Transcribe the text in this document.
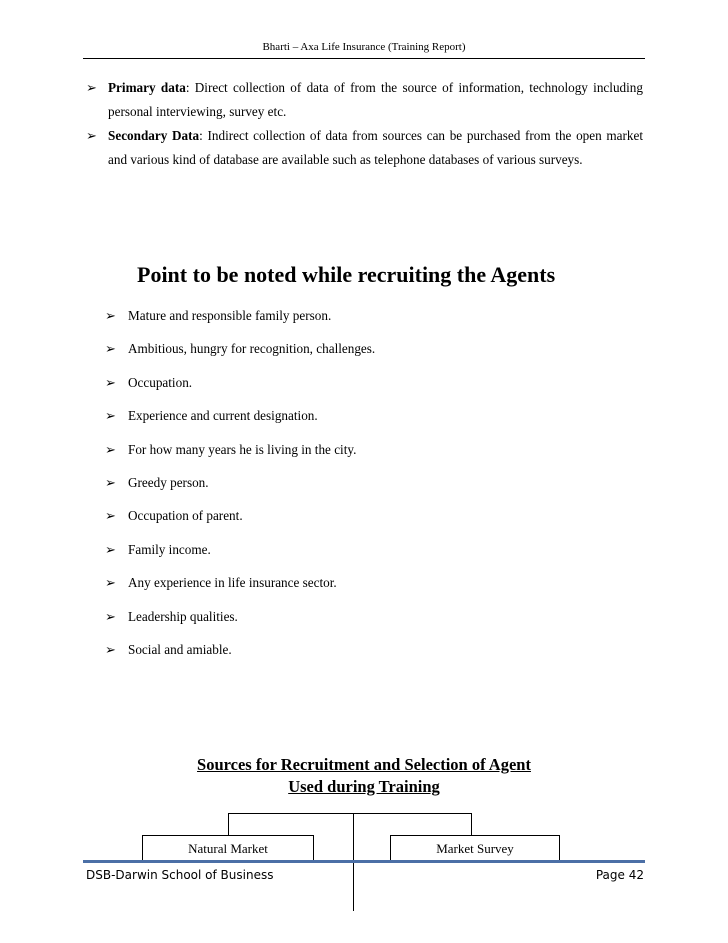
Bharti – Axa Life Insurance (Training Report)
➢ Primary data: Direct collection of data of from the source of information, technology including personal interviewing, survey etc.
➢ Secondary Data: Indirect collection of data from sources can be purchased from the open market and various kind of database are available such as telephone databases of various surveys.
Point to be noted while recruiting the Agents
➢ Mature and responsible family person.
➢ Ambitious, hungry for recognition, challenges.
➢ Occupation.
➢ Experience and current designation.
➢ For how many years he is living in the city.
➢ Greedy person.
➢ Occupation of parent.
➢ Family income.
➢ Any experience in life insurance sector.
➢ Leadership qualities.
➢ Social and amiable.
Sources for Recruitment and Selection of Agent
Used during Training
Natural Market	Market Survey
DSB-Darwin School of Business	Page 42
